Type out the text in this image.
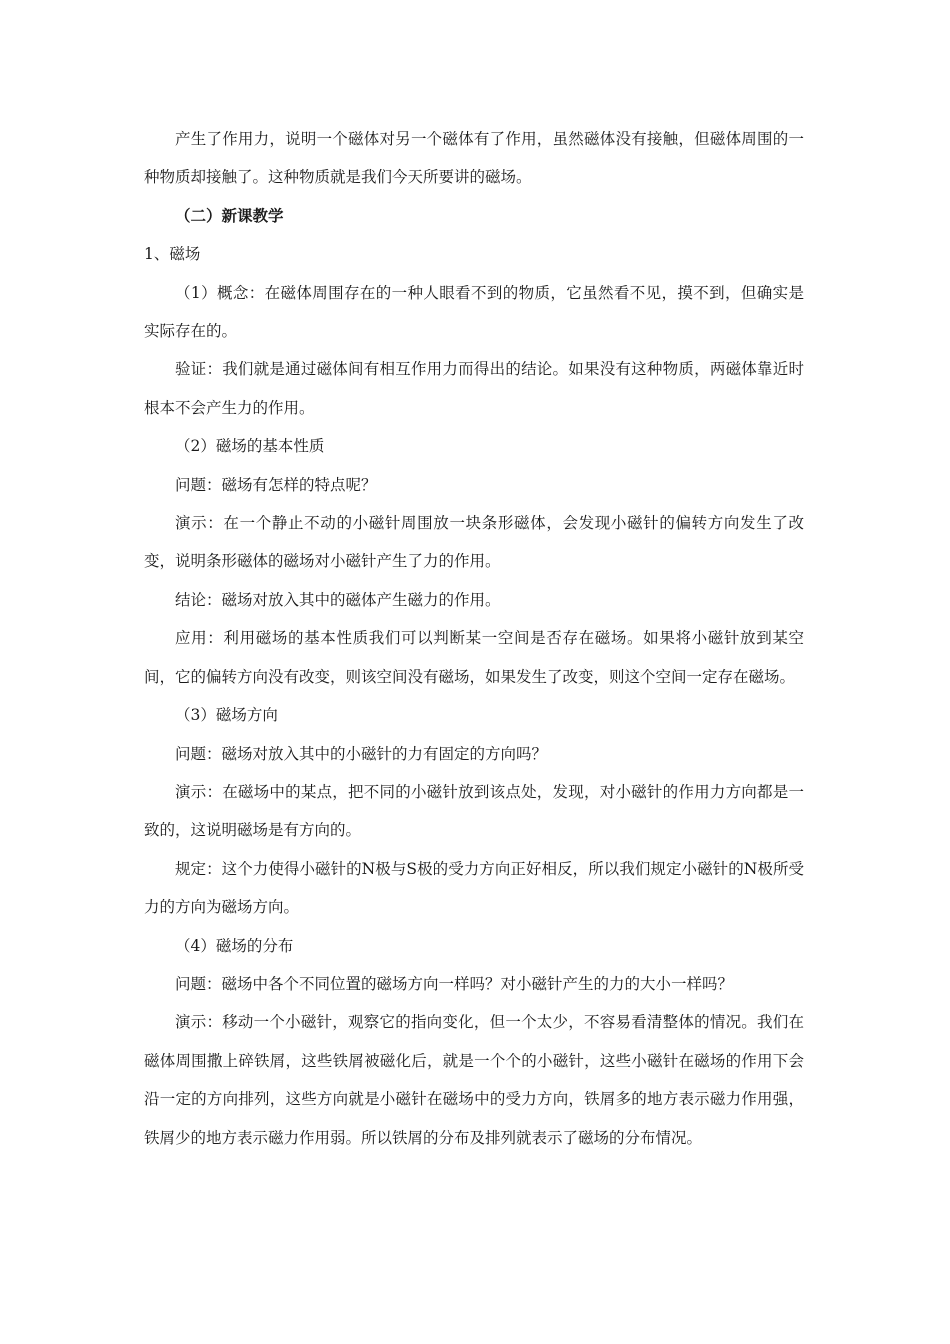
产生了作用力，说明一个磁体对另一个磁体有了作用，虽然磁体没有接触，但磁体周围的一种物质却接触了。这种物质就是我们今天所要讲的磁场。

（二）新课教学

1、磁场

（1）概念：在磁体周围存在的一种人眼看不到的物质，它虽然看不见，摸不到，但确实是实际存在的。

验证：我们就是通过磁体间有相互作用力而得出的结论。如果没有这种物质，两磁体靠近时根本不会产生力的作用。

（2）磁场的基本性质

问题：磁场有怎样的特点呢？

演示：在一个静止不动的小磁针周围放一块条形磁体，会发现小磁针的偏转方向发生了改变，说明条形磁体的磁场对小磁针产生了力的作用。

结论：磁场对放入其中的磁体产生磁力的作用。

应用：利用磁场的基本性质我们可以判断某一空间是否存在磁场。如果将小磁针放到某空间，它的偏转方向没有改变，则该空间没有磁场，如果发生了改变，则这个空间一定存在磁场。

（3）磁场方向

问题：磁场对放入其中的小磁针的力有固定的方向吗？

演示：在磁场中的某点，把不同的小磁针放到该点处，发现，对小磁针的作用力方向都是一致的，这说明磁场是有方向的。

规定：这个力使得小磁针的N极与S极的受力方向正好相反，所以我们规定小磁针的N极所受力的方向为磁场方向。

（4）磁场的分布

问题：磁场中各个不同位置的磁场方向一样吗？对小磁针产生的力的大小一样吗？

演示：移动一个小磁针，观察它的指向变化，但一个太少，不容易看清整体的情况。我们在磁体周围撒上碎铁屑，这些铁屑被磁化后，就是一个个的小磁针，这些小磁针在磁场的作用下会沿一定的方向排列，这些方向就是小磁针在磁场中的受力方向，铁屑多的地方表示磁力作用强，铁屑少的地方表示磁力作用弱。所以铁屑的分布及排列就表示了磁场的分布情况。
